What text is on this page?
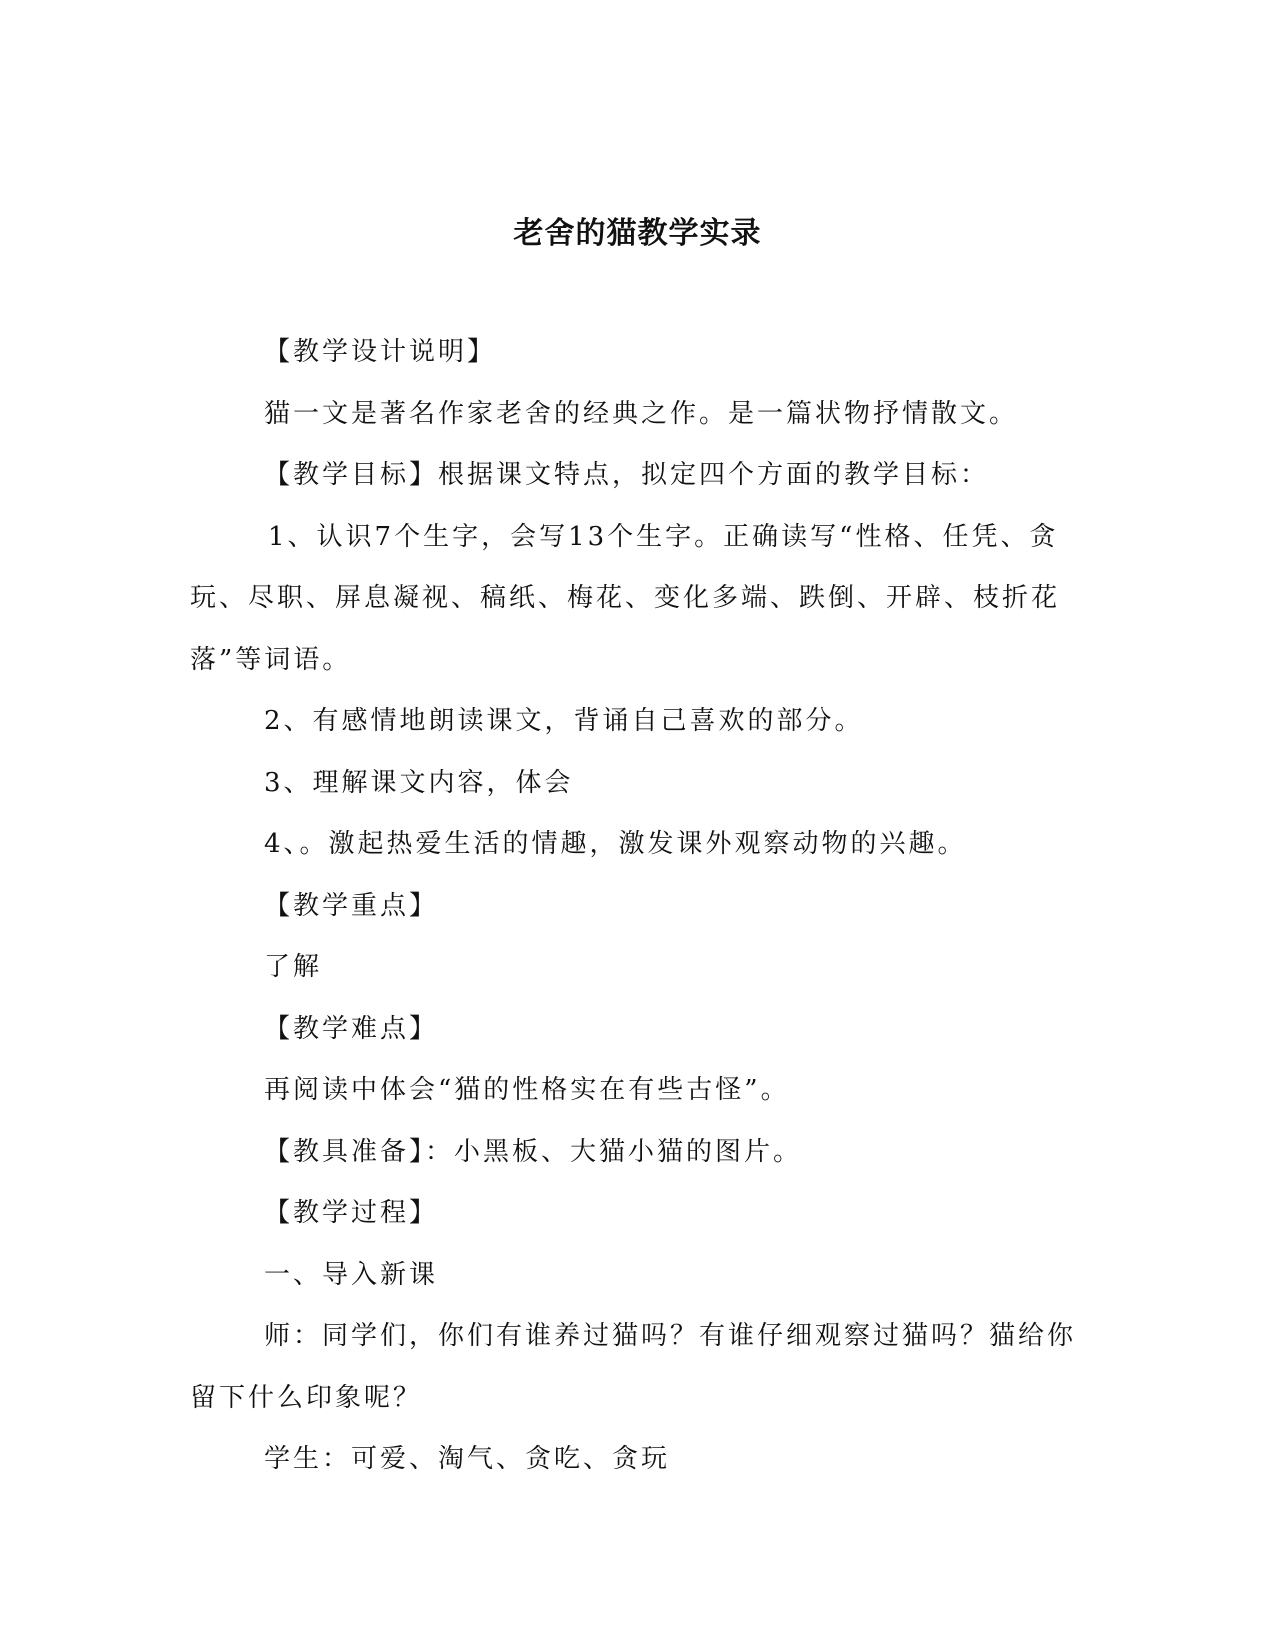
老舍的猫教学实录

【教学设计说明】

猫一文是著名作家老舍的经典之作。是一篇状物抒情散文。

【教学目标】根据课文特点，拟定四个方面的教学目标：

1、认识7个生字，会写13个生字。正确读写“性格、任凭、贪玩、尽职、屏息凝视、稿纸、梅花、变化多端、跌倒、开辟、枝折花落”等词语。

2、有感情地朗读课文，背诵自己喜欢的部分。

3、理解课文内容，体会

4、。激起热爱生活的情趣，激发课外观察动物的兴趣。

【教学重点】

了解

【教学难点】

再阅读中体会“猫的性格实在有些古怪”。

【教具准备】：小黑板、大猫小猫的图片。

【教学过程】

一、导入新课

师：同学们，你们有谁养过猫吗？有谁仔细观察过猫吗？猫给你留下什么印象呢？

学生：可爱、淘气、贪吃、贪玩
